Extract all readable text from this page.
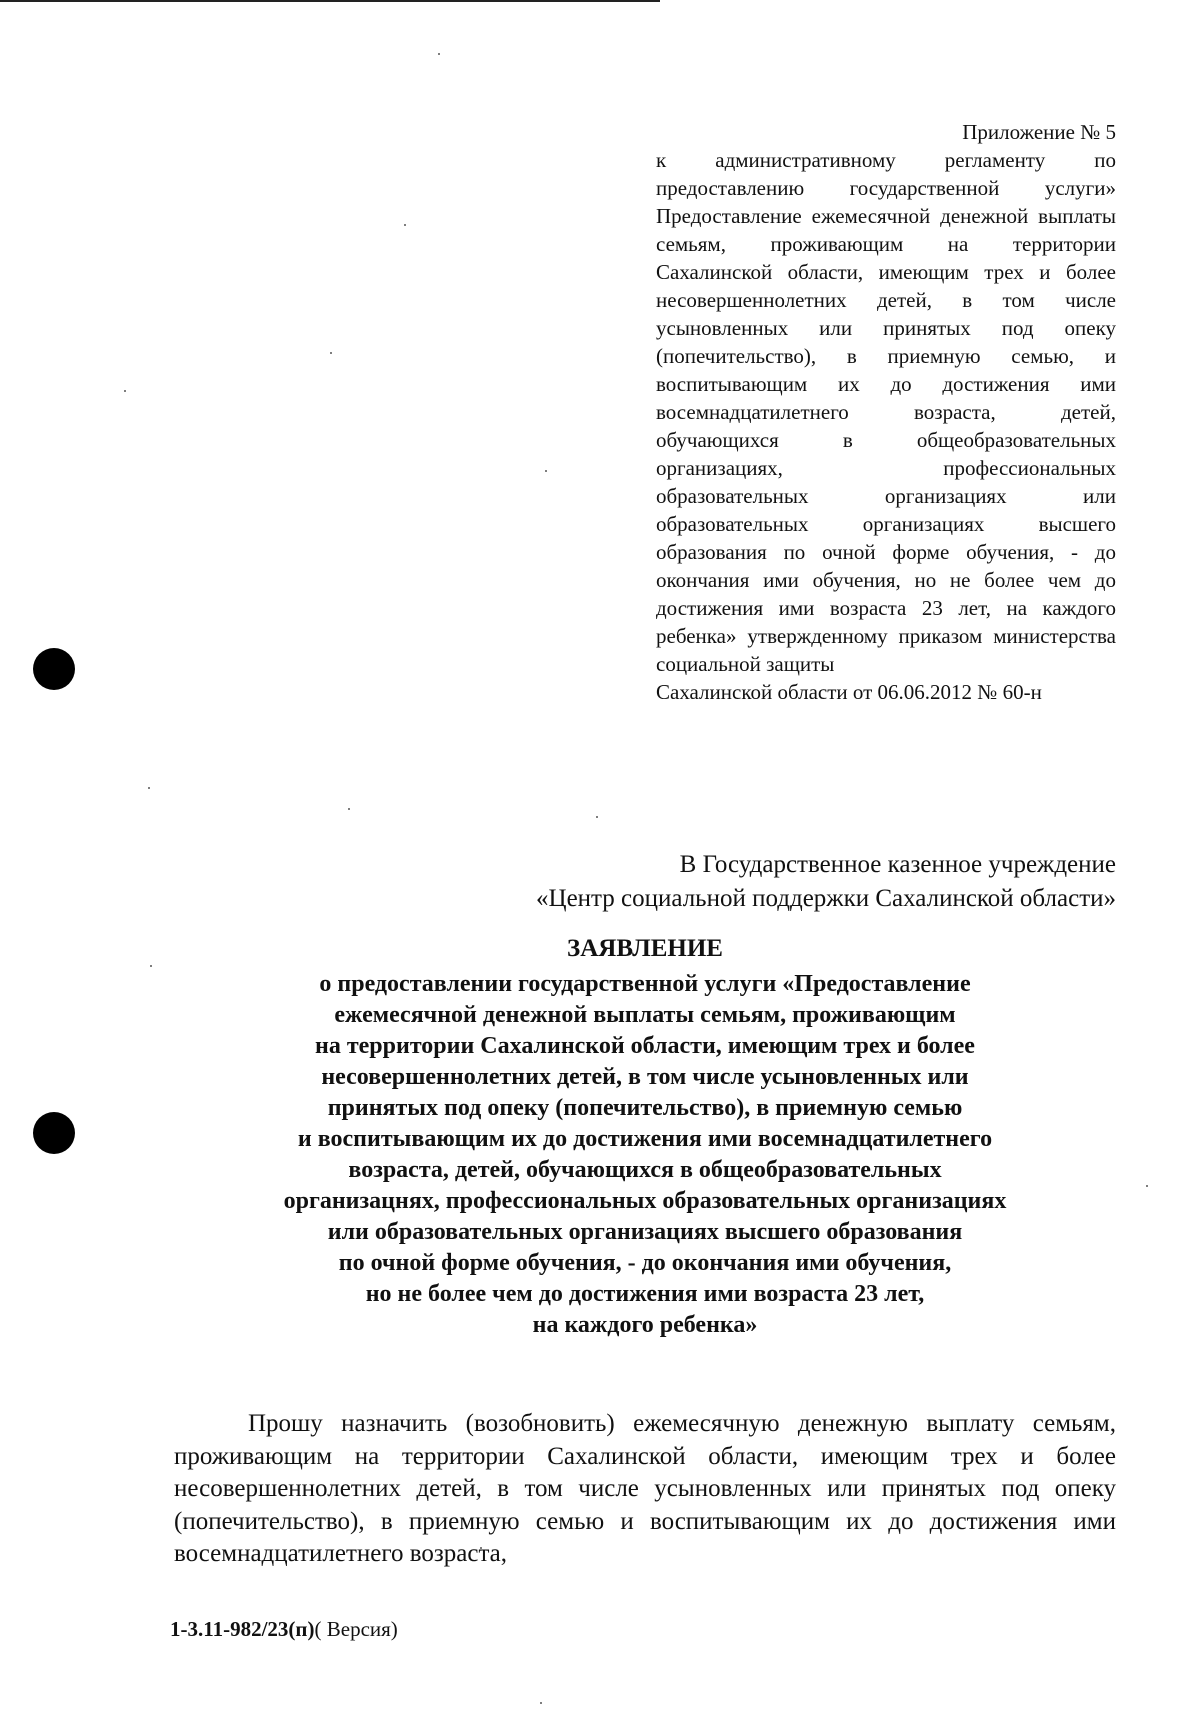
Приложение № 5
к административному регламенту по предоставлению государственной услуги» Предоставление ежемесячной денежной выплаты семьям, проживающим на территории Сахалинской области, имеющим трех и более несовершеннолетних детей, в том числе усыновленных или принятых под опеку (попечительство), в приемную семью, и воспитывающим их до достижения ими восемнадцатилетнего возраста, детей, обучающихся в общеобразовательных организациях, профессиональных образовательных организациях или образовательных организациях высшего образования по очной форме обучения, - до окончания ими обучения, но не более чем до достижения ими возраста 23 лет, на каждого ребенка» утвержденному приказом министерства социальной защиты
Сахалинской области от 06.06.2012 № 60-н
В Государственное казенное учреждение
«Центр социальной поддержки Сахалинской области»
ЗАЯВЛЕНИЕ
о предоставлении государственной услуги «Предоставление
ежемесячной денежной выплаты семьям, проживающим
на территории Сахалинской области, имеющим трех и более
несовершеннолетних детей, в том числе усыновленных или
принятых под опеку (попечительство), в приемную семью
и воспитывающим их до достижения ими восемнадцатилетнего
возраста, детей, обучающихся в общеобразовательных
организацнях, профессиональных образовательных организациях
или образовательных организациях высшего образования
по очной форме обучения, - до окончания ими обучения,
но не более чем до достижения ими возраста 23 лет,
на каждого ребенка»
Прошу назначить (возобновить) ежемесячную денежную выплату семьям, проживающим на территории Сахалинской области, имеющим трех и более несовершеннолетних детей, в том числе усыновленных или принятых под опеку (попечительство), в приемную семью и воспитывающим их до достижения ими восемнадцатилетнего возраста,
1-3.11-982/23(п)( Версия)
